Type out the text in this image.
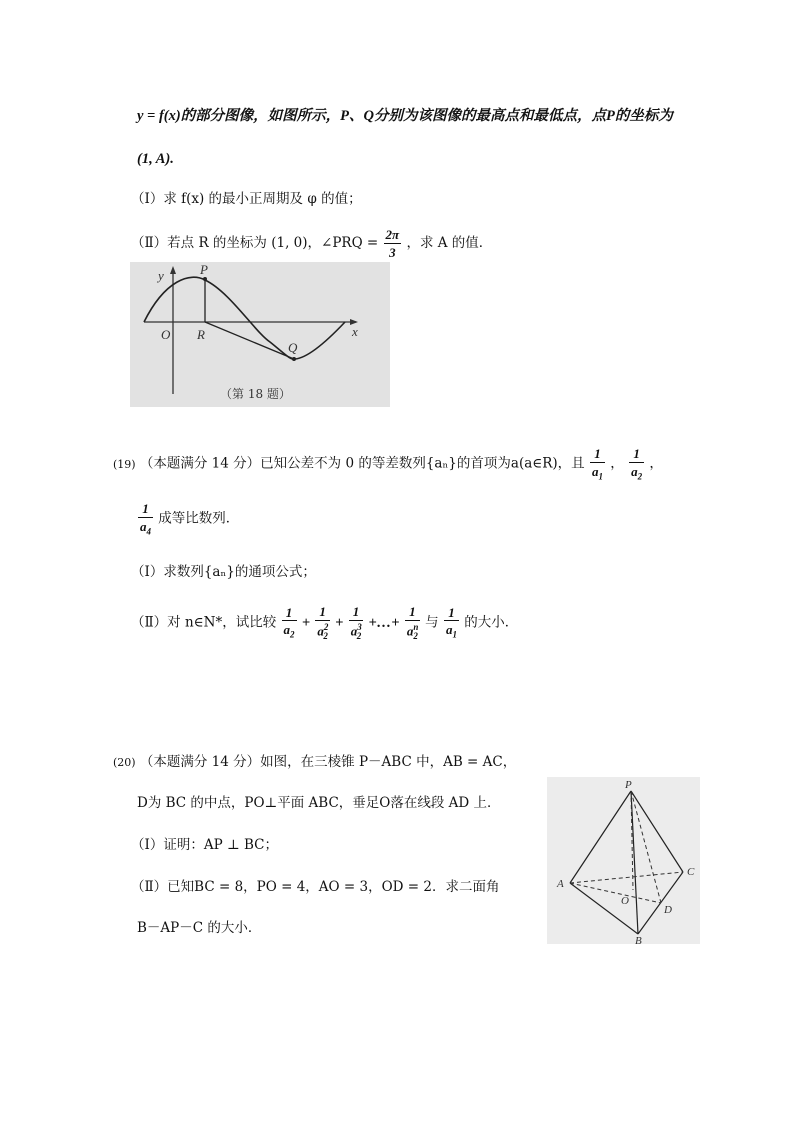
y = f(x)的部分图像，如图所示，P、Q分别为该图像的最高点和最低点，点P的坐标为
(1, A).
（Ⅰ）求 f(x) 的最小正周期及 φ 的值；
（Ⅱ）若点 R 的坐标为 (1, 0)，∠PRQ = $\frac{2\pi}{3}$ ，求 A 的值．
y	P
O R
Q
x
（第 18 题）
(19) （本题满分 14 分）已知公差不为 0 的等差数列{aₙ}的首项为a(a∈R)，且 $\frac{1}{a_1}$ ， $\frac{1}{a_2}$ ，
$\frac{1}{a_4}$ 成等比数列．
（Ⅰ）求数列{aₙ}的通项公式；
（Ⅱ）对 n∈N*，试比较 $\frac{1}{a_2} + \frac{1}{a^2_2} + \frac{1}{a^3_2}$ +…+ $\frac{1}{a^n_2}$ 与 $\frac{1}{a_1}$ 的大小．
(20) （本题满分 14 分）如图，在三棱锥 P－ABC 中，AB = AC，
D为 BC 的中点，PO⊥平面 ABC，垂足O落在线段 AD 上．
（Ⅰ）证明：AP ⊥ BC；
（Ⅱ）已知BC = 8，PO = 4，AO = 3，OD = 2．求二面角
B－AP－C 的大小．
P
A
C
O
D
B
